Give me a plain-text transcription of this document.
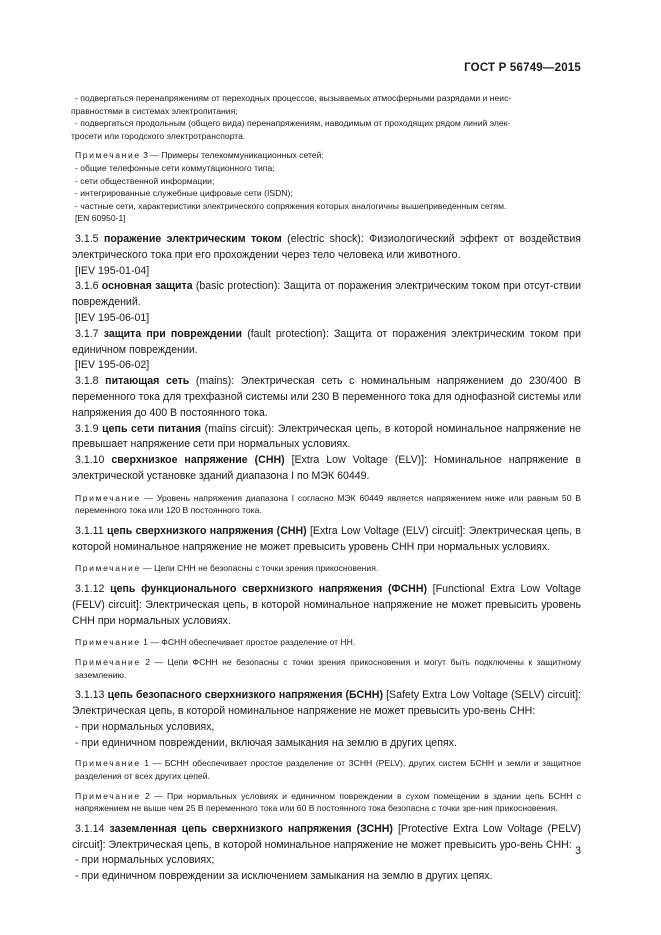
ГОСТ Р 56749—2015

- подвергаться перенапряжениям от переходных процессов, вызываемых атмосферными разрядами и неис-

правностями в системах электропитания;

- подвергаться продольным (общего вида) перенапряжениям, наводимым от проходящих рядом линий элек-

тросети или городского электротранспорта.

Примечание 3 — Примеры телекоммуникационных сетей:

- общие телефонные сети коммутационного типа;

- сети общественной информации;

- интегрированные служебные цифровые сети (ISDN);

- частные сети, характеристики электрического сопряжения которых аналогичны вышеприведенным сетям.

[EN 60950-1]

3.1.5 поражение электрическим током (electric shock): Физиологический эффект от воздействия электрического тока при его прохождении через тело человека или животного.

[IEV 195-01-04]

3.1.6 основная защита (basic protection): Защита от поражения электрическим током при отсут-ствии повреждений.

[IEV 195-06-01]

3.1.7 защита при повреждении (fault protection): Защита от поражения электрическим током при единичном повреждении.

[IEV 195-06-02]

3.1.8 питающая сеть (mains): Электрическая сеть с номинальным напряжением до 230/400 В переменного тока для трехфазной системы или 230 В переменного тока для однофазной системы или напряжения до 400 В постоянного тока.

3.1.9 цепь сети питания (mains circuit): Электрическая цепь, в которой номинальное напряжение не превышает напряжение сети при нормальных условиях.

3.1.10 сверхнизкое напряжение (СНН) [Extra Low Voltage (ELV)]: Номинальное напряжение в электрической установке зданий диапазона I по МЭК 60449.

Примечание — Уровень напряжения диапазона I согласно МЭК 60449 является напряжением ниже или равным 50 В переменного тока или 120 В постоянного тока.

3.1.11 цепь сверхнизкого напряжения (СНН) [Extra Low Voltage (ELV) circuit]: Электрическая цепь, в которой номинальное напряжение не может превысить уровень СНН при нормальных условиях.

Примечание — Цепи СНН не безопасны с точки зрения прикосновения.

3.1.12 цепь функционального сверхнизкого напряжения (ФСНН) [Functional Extra Low Voltage (FELV) circuit]: Электрическая цепь, в которой номинальное напряжение не может превысить уровень СНН при нормальных условиях.

Примечание 1 — ФСНН обеспечивает простое разделение от НН.

Примечание 2 — Цепи ФСНН не безопасны с точки зрения прикосновения и могут быть подключены к защитному заземлению.

3.1.13 цепь безопасного сверхнизкого напряжения (БСНН) [Safety Extra Low Voltage (SELV) circuit]: Электрическая цепь, в которой номинальное напряжение не может превысить уро-вень СНН:

- при нормальных условиях,

- при единичном повреждении, включая замыкания на землю в других цепях.

Примечание 1 — БСНН обеспечивает простое разделение от ЗСНН (PELV), других систем БСНН и земли и защитное разделения от всех других цепей.

Примечание 2 — При нормальных условиях и единичном повреждении в сухом помещении в здании цепь БСНН с напряжением не выше чем 25 В переменного тока или 60 В постоянного тока безопасна с точки зре-ния прикосновения.

3.1.14 заземленная цепь сверхнизкого напряжения (ЗСНН) [Protective Extra Low Voltage (PELV) circuit]: Электрическая цепь, в которой номинальное напряжение не может превысить уро-вень СНН:

- при нормальных условиях;

- при единичном повреждении за исключением замыкания на землю в других цепях.

3
